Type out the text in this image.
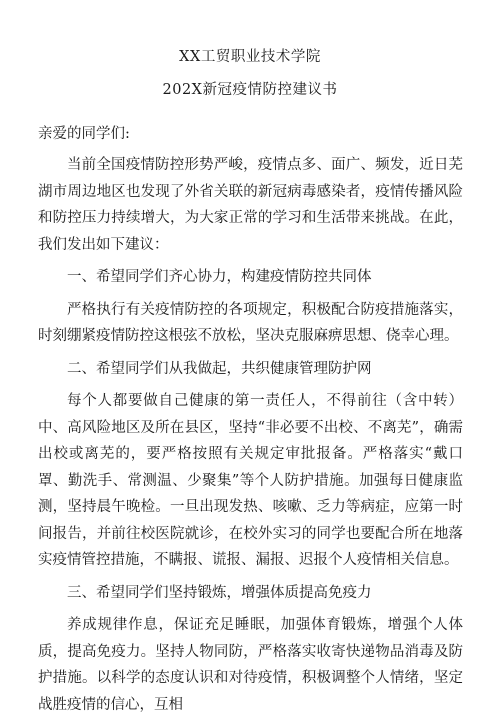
XX工贸职业技术学院

202X新冠疫情防控建议书

亲爱的同学们:

当前全国疫情防控形势严峻，疫情点多、面广、频发，近日芜湖市周边地区也发现了外省关联的新冠病毒感染者，疫情传播风险和防控压力持续增大，为大家正常的学习和生活带来挑战。在此，我们发出如下建议：

一、希望同学们齐心协力，构建疫情防控共同体

严格执行有关疫情防控的各项规定，积极配合防疫措施落实，时刻绷紧疫情防控这根弦不放松，坚决克服麻痹思想、侥幸心理。

二、希望同学们从我做起，共织健康管理防护网

每个人都要做自己健康的第一责任人，不得前往（含中转）中、高风险地区及所在县区，坚持“非必要不出校、不离芜”，确需出校或离芜的，要严格按照有关规定审批报备。严格落实“戴口罩、勤洗手、常测温、少聚集”等个人防护措施。加强每日健康监测，坚持晨午晚检。一旦出现发热、咳嗽、乏力等病症，应第一时间报告，并前往校医院就诊，在校外实习的同学也要配合所在地落实疫情管控措施，不瞒报、谎报、漏报、迟报个人疫情相关信息。

三、希望同学们坚持锻炼，增强体质提高免疫力

养成规律作息，保证充足睡眠，加强体育锻炼，增强个人体质，提高免疫力。坚持人物同防，严格落实收寄快递物品消毒及防护措施。以科学的态度认识和对待疫情，积极调整个人情绪，坚定战胜疫情的信心，互相
